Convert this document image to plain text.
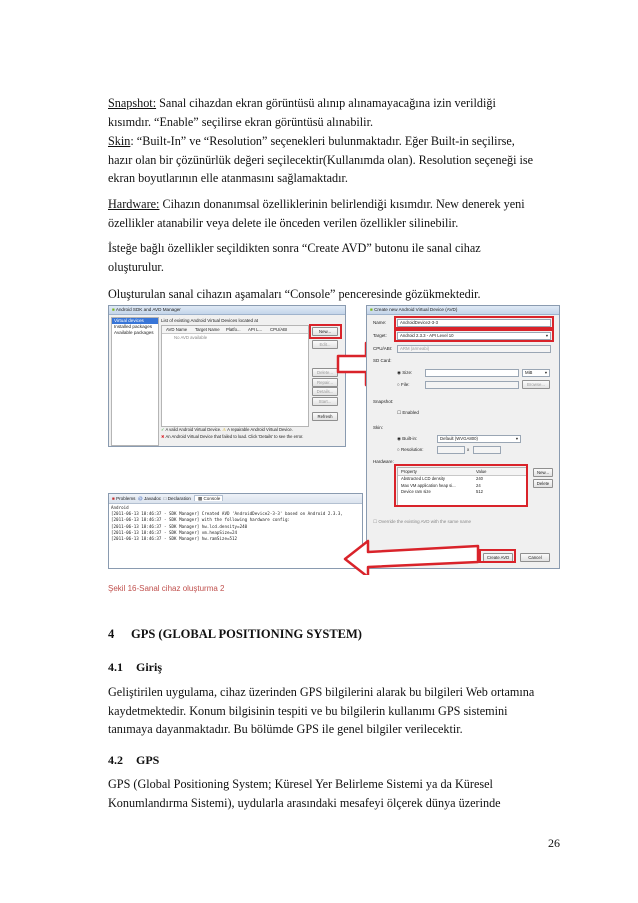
Snapshot: Sanal cihazdan ekran görüntüsü alınıp alınamayacağına izin verildiği
kısımdır. “Enable” seçilirse ekran görüntüsü alınabilir.

Skin: “Built-In” ve “Resolution” seçenekleri bulunmaktadır. Eğer Built-in seçilirse,
hazır olan bir çözünürlük değeri seçilecektir(Kullanımda olan). Resolution seçeneği ise
ekran boyutlarının elle atanmasını sağlamaktadır.

Hardware: Cihazın donanımsal özelliklerinin belirlendiği kısımdır. New denerek yeni
özellikler atanabilir veya delete ile önceden verilen özellikler silinebilir.

İsteğe bağlı özellikler seçildikten sonra “Create AVD” butonu ile sanal cihaz
oluşturulur.

Oluşturulan sanal cihazın aşamaları “Console” penceresinde gözükmektedir.

■ Android SDK and AVD Manager
Virtual devices
Installed packages
Available packages
List of existing Android Virtual Devices located at
AVD Name	Target Name	Platfo...	API L...	CPU/ABI
No AVD available
New...
Edit...
Delete...
Repair...
Details...
Start...
Refresh
✓ A valid Android Virtual Device. ⚠ A repairable Android Virtual Device.
✖ An Android Virtual Device that failed to load. Click 'Details' to see the error.
■ Problems @ Javadoc □ Declaration ▩ Console
Android
[2011-06-13 18:46:37 - SDK Manager] Created AVD 'AndroidDevice2-3-3' based on Android 2.3.3,
[2011-06-13 18:46:37 - SDK Manager] with the following hardware config:
[2011-06-13 18:46:37 - SDK Manager] hw.lcd.density=240
[2011-06-13 18:46:37 - SDK Manager] vm.heapSize=24
[2011-06-13 18:46:37 - SDK Manager] hw.ramSize=512
■ Create new Android Virtual Device (AVD)
Name:	AndroidDevice2-3-3
Target:	Android 2.3.3 - API Level 10	▾
CPU/ABI:	ARM (armeabi)
SD Card:
◉ Size:	MiB	▾
○ File:	Browse...
Snapshot:
☐ Enabled
Skin:
◉ Built-in:	Default (WVGA800)	▾
○ Resolution:	x
Hardware:
Property	Value
Abstracted LCD density	240
Max VM application heap si...	24
Device ram size	512
New...
Delete
☐ Override the existing AVD with the same name
Create AVD	Cancel
Şekil 16-Sanal cihaz oluşturma 2
4 GPS (GLOBAL POSITIONING SYSTEM)
4.1 Giriş

Geliştirilen uygulama, cihaz üzerinden GPS bilgilerini alarak bu bilgileri Web ortamına
kaydetmektedir. Konum bilgisinin tespiti ve bu bilgilerin kullanımı GPS sistemini
tanımaya dayanmaktadır. Bu bölümde GPS ile genel bilgiler verilecektir.

4.2 GPS

GPS (Global Positioning System; Küresel Yer Belirleme Sistemi ya da Küresel
Konumlandırma Sistemi), uydularla arasındaki mesafeyi ölçerek dünya üzerinde

26
